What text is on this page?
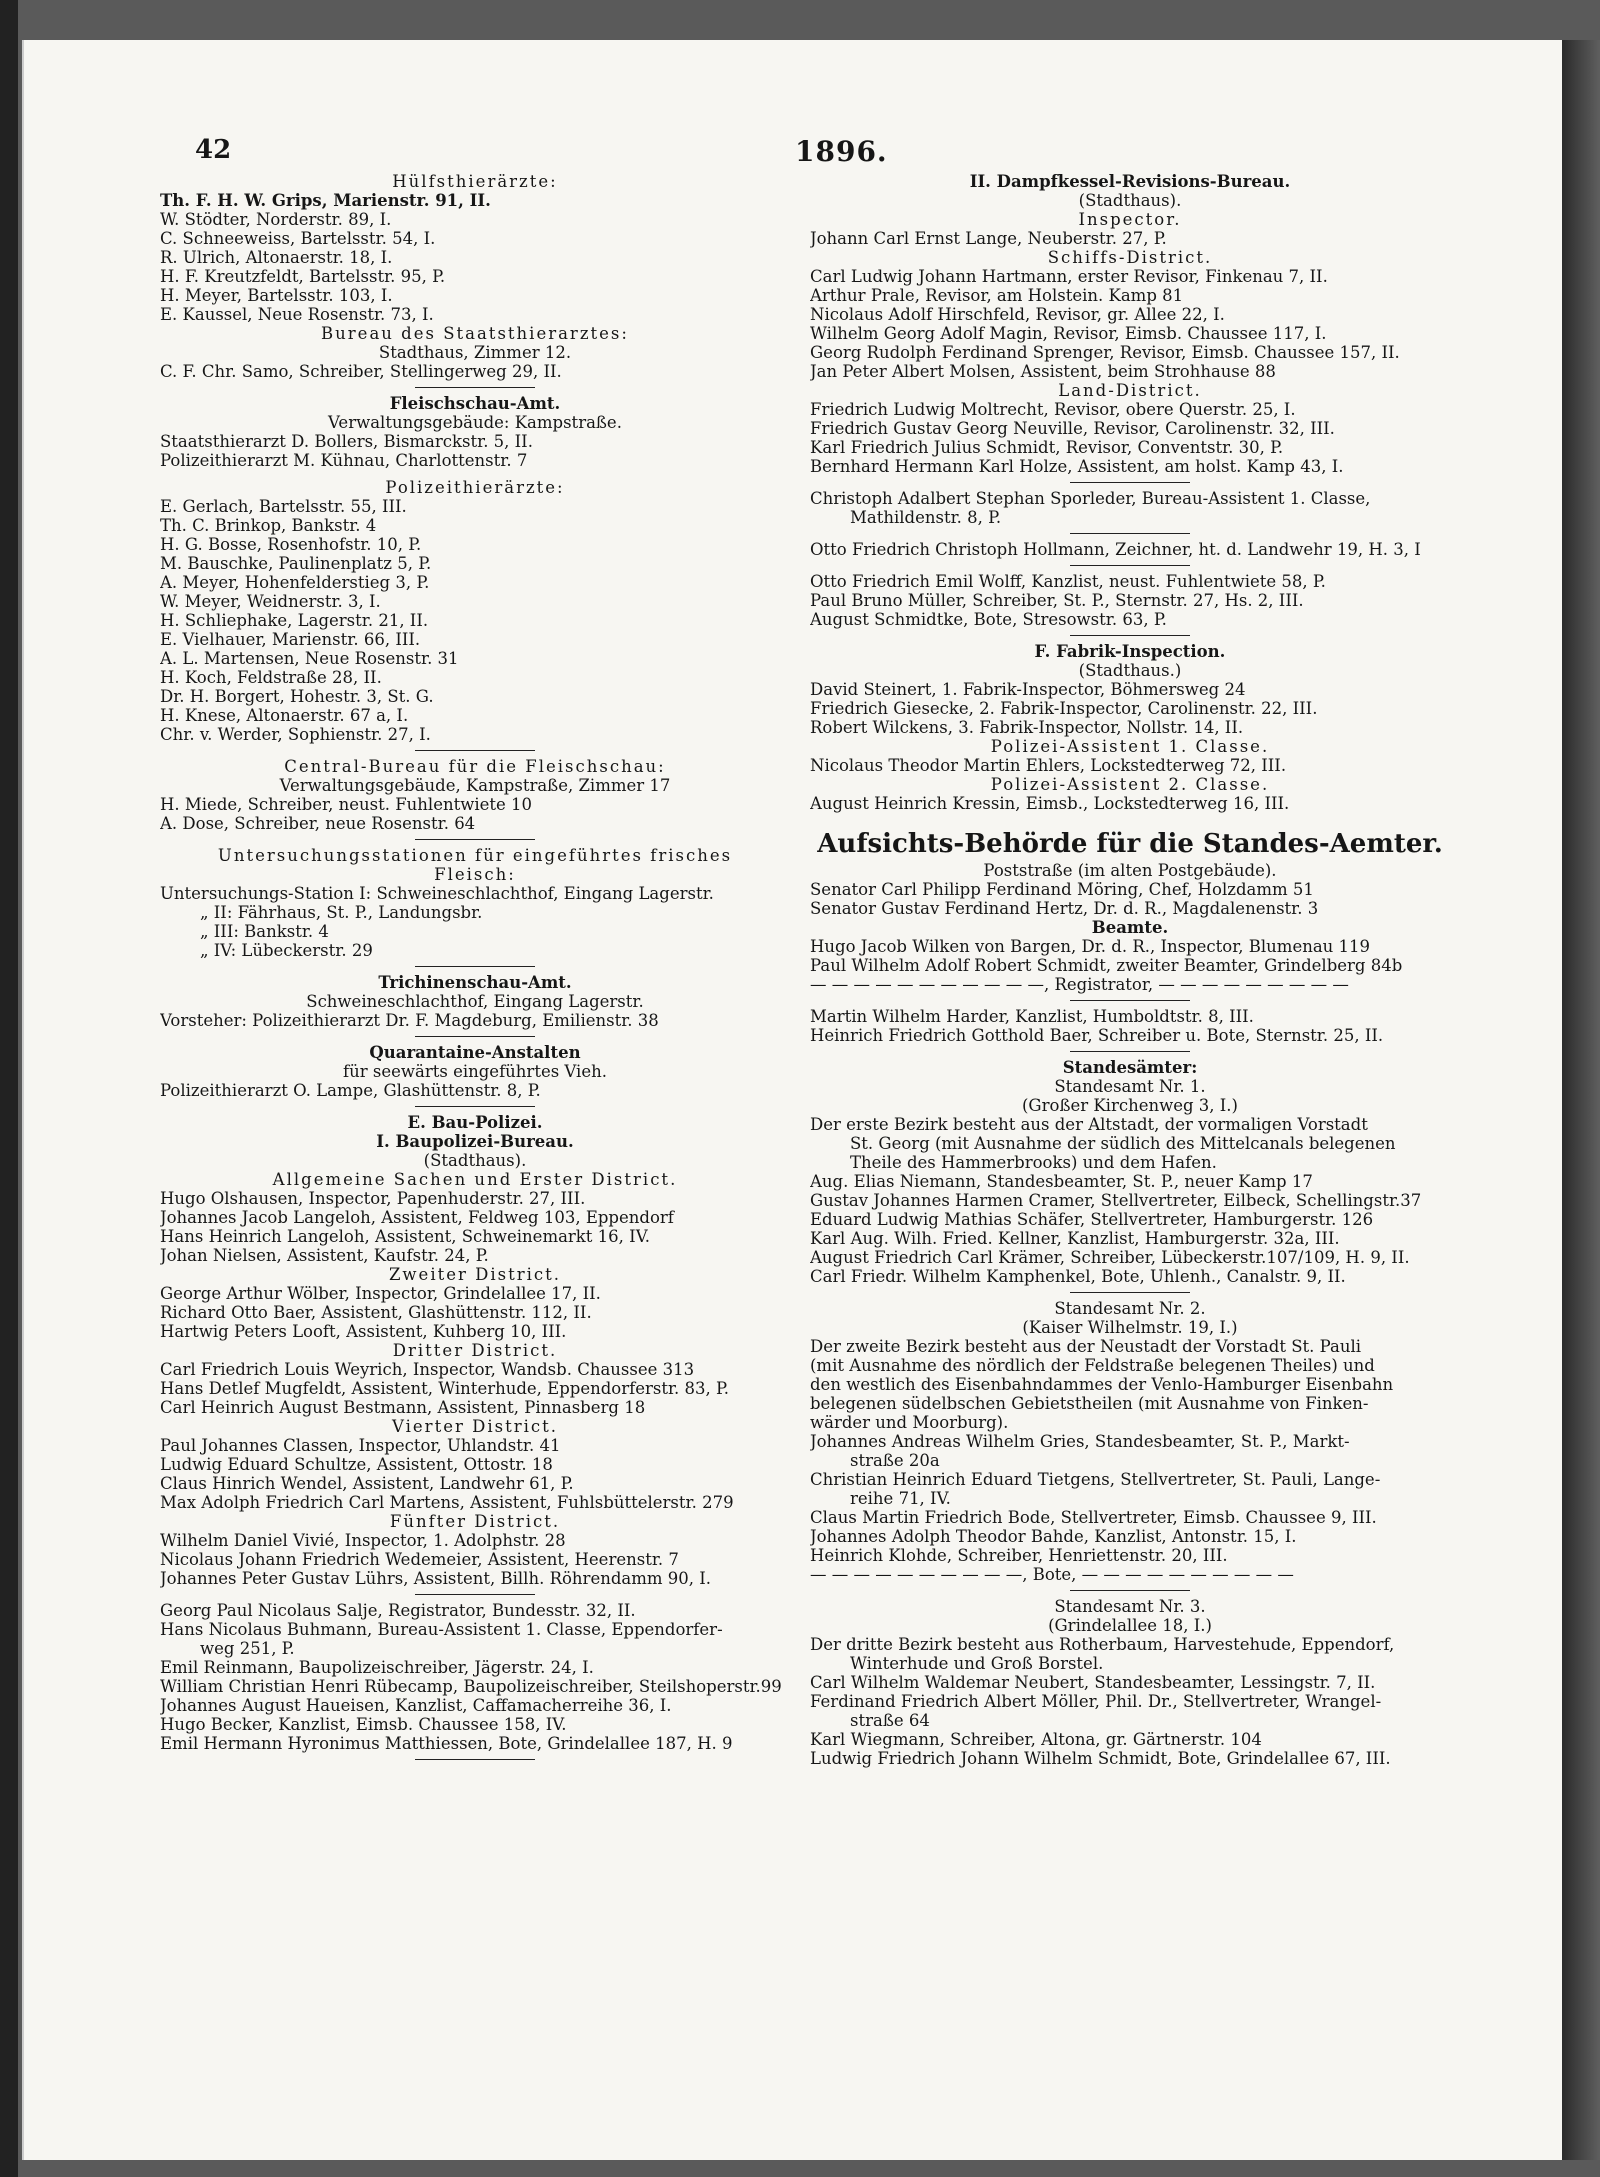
42	1896.
Hülfsthierärzte:
Th. F. H. W. Grips, Marienstr. 91, II.
W. Stödter, Norderstr. 89, I.
C. Schneeweiss, Bartelsstr. 54, I.
R. Ulrich, Altonaerstr. 18, I.
H. F. Kreutzfeldt, Bartelsstr. 95, P.
H. Meyer, Bartelsstr. 103, I.
E. Kaussel, Neue Rosenstr. 73, I.
Bureau des Staatsthierarztes:
Stadthaus, Zimmer 12.
C. F. Chr. Samo, Schreiber, Stellingerweg 29, II.
Fleischschau-Amt.
Verwaltungsgebäude: Kampstraße.
Staatsthierarzt D. Bollers, Bismarckstr. 5, II.
Polizeithierarzt M. Kühnau, Charlottenstr. 7
Polizeithierärzte:
E. Gerlach, Bartelsstr. 55, III.
Th. C. Brinkop, Bankstr. 4
H. G. Bosse, Rosenhofstr. 10, P.
M. Bauschke, Paulinenplatz 5, P.
A. Meyer, Hohenfelderstieg 3, P.
W. Meyer, Weidnerstr. 3, I.
H. Schliephake, Lagerstr. 21, II.
E. Vielhauer, Marienstr. 66, III.
A. L. Martensen, Neue Rosenstr. 31
H. Koch, Feldstraße 28, II.
Dr. H. Borgert, Hohestr. 3, St. G.
H. Knese, Altonaerstr. 67 a, I.
Chr. v. Werder, Sophienstr. 27, I.
Central-Bureau für die Fleischschau:
Verwaltungsgebäude, Kampstraße, Zimmer 17
H. Miede, Schreiber, neust. Fuhlentwiete 10
A. Dose, Schreiber, neue Rosenstr. 64
Untersuchungsstationen für eingeführtes frisches
Fleisch:
Untersuchungs-Station I: Schweineschlachthof, Eingang Lagerstr.
„ II: Fährhaus, St. P., Landungsbr.
„ III: Bankstr. 4
„ IV: Lübeckerstr. 29
Trichinenschau-Amt.
Schweineschlachthof, Eingang Lagerstr.
Vorsteher: Polizeithierarzt Dr. F. Magdeburg, Emilienstr. 38
Quarantaine-Anstalten
für seewärts eingeführtes Vieh.
Polizeithierarzt O. Lampe, Glashüttenstr. 8, P.
E. Bau-Polizei.
I. Baupolizei-Bureau.
(Stadthaus).
Allgemeine Sachen und Erster District.
Hugo Olshausen, Inspector, Papenhuderstr. 27, III.
Johannes Jacob Langeloh, Assistent, Feldweg 103, Eppendorf
Hans Heinrich Langeloh, Assistent, Schweinemarkt 16, IV.
Johan Nielsen, Assistent, Kaufstr. 24, P.
Zweiter District.
George Arthur Wölber, Inspector, Grindelallee 17, II.
Richard Otto Baer, Assistent, Glashüttenstr. 112, II.
Hartwig Peters Looft, Assistent, Kuhberg 10, III.
Dritter District.
Carl Friedrich Louis Weyrich, Inspector, Wandsb. Chaussee 313
Hans Detlef Mugfeldt, Assistent, Winterhude, Eppendorferstr. 83, P.
Carl Heinrich August Bestmann, Assistent, Pinnasberg 18
Vierter District.
Paul Johannes Classen, Inspector, Uhlandstr. 41
Ludwig Eduard Schultze, Assistent, Ottostr. 18
Claus Hinrich Wendel, Assistent, Landwehr 61, P.
Max Adolph Friedrich Carl Martens, Assistent, Fuhlsbüttelerstr. 279
Fünfter District.
Wilhelm Daniel Vivié, Inspector, 1. Adolphstr. 28
Nicolaus Johann Friedrich Wedemeier, Assistent, Heerenstr. 7
Johannes Peter Gustav Lührs, Assistent, Billh. Röhrendamm 90, I.
Georg Paul Nicolaus Salje, Registrator, Bundesstr. 32, II.
Hans Nicolaus Buhmann, Bureau-Assistent 1. Classe, Eppendorfer-
weg 251, P.
Emil Reinmann, Baupolizeischreiber, Jägerstr. 24, I.
William Christian Henri Rübecamp, Baupolizeischreiber, Steilshoperstr.99
Johannes August Haueisen, Kanzlist, Caffamacherreihe 36, I.
Hugo Becker, Kanzlist, Eimsb. Chaussee 158, IV.
Emil Hermann Hyronimus Matthiessen, Bote, Grindelallee 187, H. 9
II. Dampfkessel-Revisions-Bureau.
(Stadthaus).
Inspector.
Johann Carl Ernst Lange, Neuberstr. 27, P.
Schiffs-District.
Carl Ludwig Johann Hartmann, erster Revisor, Finkenau 7, II.
Arthur Prale, Revisor, am Holstein. Kamp 81
Nicolaus Adolf Hirschfeld, Revisor, gr. Allee 22, I.
Wilhelm Georg Adolf Magin, Revisor, Eimsb. Chaussee 117, I.
Georg Rudolph Ferdinand Sprenger, Revisor, Eimsb. Chaussee 157, II.
Jan Peter Albert Molsen, Assistent, beim Strohhause 88
Land-District.
Friedrich Ludwig Moltrecht, Revisor, obere Querstr. 25, I.
Friedrich Gustav Georg Neuville, Revisor, Carolinenstr. 32, III.
Karl Friedrich Julius Schmidt, Revisor, Conventstr. 30, P.
Bernhard Hermann Karl Holze, Assistent, am holst. Kamp 43, I.
Christoph Adalbert Stephan Sporleder, Bureau-Assistent 1. Classe,
Mathildenstr. 8, P.
Otto Friedrich Christoph Hollmann, Zeichner, ht. d. Landwehr 19, H. 3, I
Otto Friedrich Emil Wolff, Kanzlist, neust. Fuhlentwiete 58, P.
Paul Bruno Müller, Schreiber, St. P., Sternstr. 27, Hs. 2, III.
August Schmidtke, Bote, Stresowstr. 63, P.
F. Fabrik-Inspection.
(Stadthaus.)
David Steinert, 1. Fabrik-Inspector, Böhmersweg 24
Friedrich Giesecke, 2. Fabrik-Inspector, Carolinenstr. 22, III.
Robert Wilckens, 3. Fabrik-Inspector, Nollstr. 14, II.
Polizei-Assistent 1. Classe.
Nicolaus Theodor Martin Ehlers, Lockstedterweg 72, III.
Polizei-Assistent 2. Classe.
August Heinrich Kressin, Eimsb., Lockstedterweg 16, III.
Aufsichts-Behörde für die Standes-Aemter.
Poststraße (im alten Postgebäude).
Senator Carl Philipp Ferdinand Möring, Chef, Holzdamm 51
Senator Gustav Ferdinand Hertz, Dr. d. R., Magdalenenstr. 3
Beamte.
Hugo Jacob Wilken von Bargen, Dr. d. R., Inspector, Blumenau 119
Paul Wilhelm Adolf Robert Schmidt, zweiter Beamter, Grindelberg 84b
— — — — — — — — — — —, Registrator, — — — — — — — — —
Martin Wilhelm Harder, Kanzlist, Humboldtstr. 8, III.
Heinrich Friedrich Gotthold Baer, Schreiber u. Bote, Sternstr. 25, II.
Standesämter:
Standesamt Nr. 1.
(Großer Kirchenweg 3, I.)
Der erste Bezirk besteht aus der Altstadt, der vormaligen Vorstadt
St. Georg (mit Ausnahme der südlich des Mittelcanals belegenen
Theile des Hammerbrooks) und dem Hafen.
Aug. Elias Niemann, Standesbeamter, St. P., neuer Kamp 17
Gustav Johannes Harmen Cramer, Stellvertreter, Eilbeck, Schellingstr.37
Eduard Ludwig Mathias Schäfer, Stellvertreter, Hamburgerstr. 126
Karl Aug. Wilh. Fried. Kellner, Kanzlist, Hamburgerstr. 32a, III.
August Friedrich Carl Krämer, Schreiber, Lübeckerstr.107/109, H. 9, II.
Carl Friedr. Wilhelm Kamphenkel, Bote, Uhlenh., Canalstr. 9, II.
Standesamt Nr. 2.
(Kaiser Wilhelmstr. 19, I.)
Der zweite Bezirk besteht aus der Neustadt der Vorstadt St. Pauli
(mit Ausnahme des nördlich der Feldstraße belegenen Theiles) und
den westlich des Eisenbahndammes der Venlo-Hamburger Eisenbahn
belegenen südelbschen Gebietstheilen (mit Ausnahme von Finken-
wärder und Moorburg).
Johannes Andreas Wilhelm Gries, Standesbeamter, St. P., Markt-
straße 20a
Christian Heinrich Eduard Tietgens, Stellvertreter, St. Pauli, Lange-
reihe 71, IV.
Claus Martin Friedrich Bode, Stellvertreter, Eimsb. Chaussee 9, III.
Johannes Adolph Theodor Bahde, Kanzlist, Antonstr. 15, I.
Heinrich Klohde, Schreiber, Henriettenstr. 20, III.
— — — — — — — — — —, Bote, — — — — — — — — — —
Standesamt Nr. 3.
(Grindelallee 18, I.)
Der dritte Bezirk besteht aus Rotherbaum, Harvestehude, Eppendorf,
Winterhude und Groß Borstel.
Carl Wilhelm Waldemar Neubert, Standesbeamter, Lessingstr. 7, II.
Ferdinand Friedrich Albert Möller, Phil. Dr., Stellvertreter, Wrangel-
straße 64
Karl Wiegmann, Schreiber, Altona, gr. Gärtnerstr. 104
Ludwig Friedrich Johann Wilhelm Schmidt, Bote, Grindelallee 67, III.
